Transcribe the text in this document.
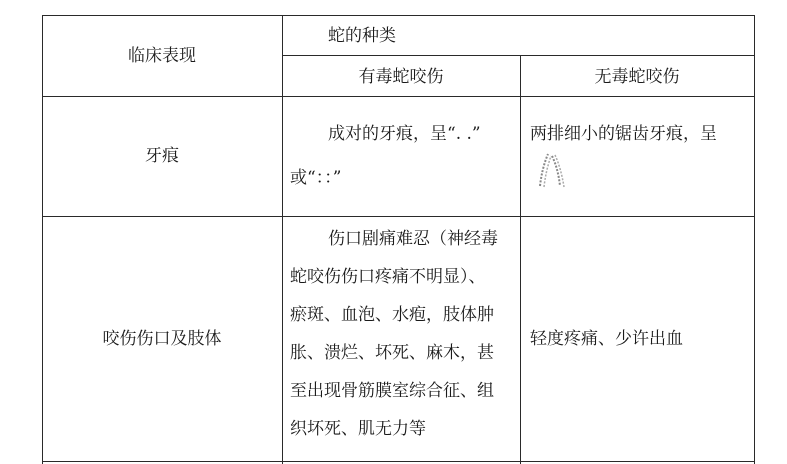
临床表现
蛇的种类
有毒蛇咬伤	无毒蛇咬伤
牙痕
成对的牙痕，呈“. .”
或“：：”
两排细小的锯齿牙痕，呈
咬伤伤口及肢体
伤口剧痛难忍（神经毒
蛇咬伤伤口疼痛不明显）、
瘀斑、血泡、水疱，肢体肿
胀、溃烂、坏死、麻木，甚
至出现骨筋膜室综合征、组
织坏死、肌无力等
轻度疼痛、少许出血
